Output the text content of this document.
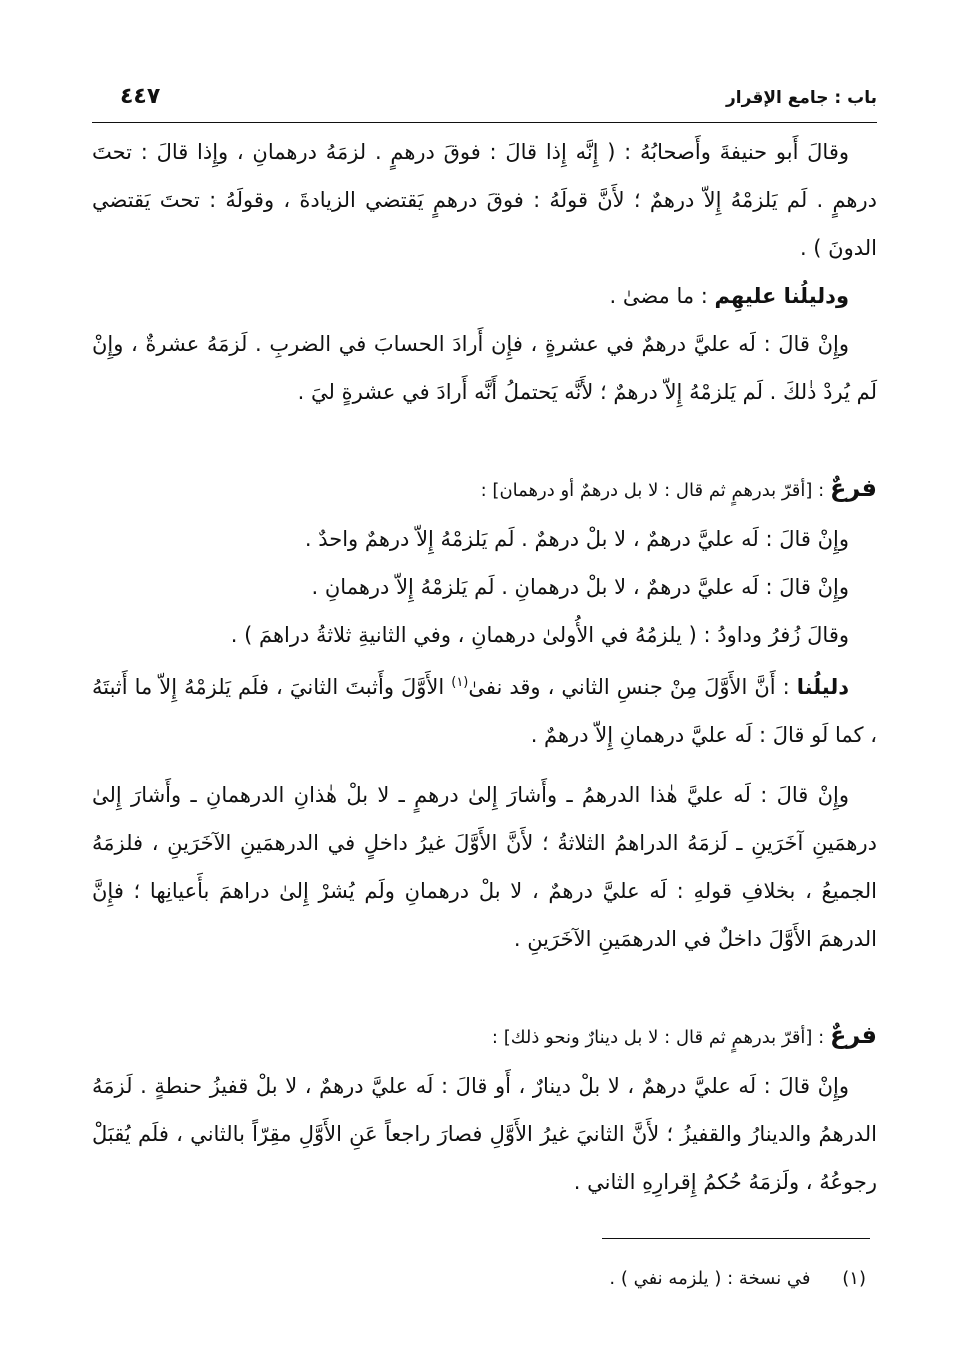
باب : جامع الإقرار
٤٤٧

وقالَ أَبو حنيفةَ وأَصحابُهُ : ( إِنَّه إِذا قالَ : فوقَ درهمٍ . لزمَهُ درهمانِ ، وإِذا قالَ : تحتَ درهمٍ . لَم يَلزمْهُ إِلاّ درهمٌ ؛ لأَنَّ قولَهُ : فوقَ درهمٍ يَقتضي الزيادةَ ، وقولَهُ : تحتَ يَقتضي الدونَ ) .

ودليلُنا عليهِم : ما مضىٰ .

وإِنْ قالَ : لَه عليَّ درهمٌ في عشرةٍ ، فإِن أَرادَ الحسابَ في الضربِ . لَزمَهُ عشرةٌ ، وإِنْ لَم يُردْ ذٰلكَ . لَم يَلزمْهُ إِلاّ درهمٌ ؛ لأَنَّه يَحتملُ أَنَّه أَرادَ في عشرةٍ ليَ .

فرعٌ : [أقرّ بدرهمٍ ثم قال : لا بل درهمٌ أو درهمان] :

وإِنْ قالَ : لَه عليَّ درهمٌ ، لا بلْ درهمٌ . لَم يَلزمْهُ إِلاّ درهمٌ واحدٌ .

وإِنْ قالَ : لَه عليَّ درهمٌ ، لا بلْ درهمانِ . لَم يَلزمْهُ إِلاّ درهمانِ .

وقالَ زُفرُ وداودُ : ( يلزمُهُ في الأُولىٰ درهمانِ ، وفي الثانيةِ ثلاثةُ دراهمَ ) .

دليلُنا : أَنَّ الأَوَّلَ مِنْ جنسِ الثاني ، وقد نفىٰ$^{(١)}$ الأَوَّلَ وأَثبتَ الثانيَ ، فلَم يَلزمْهُ إِلاّ ما أَثبتَهُ ، كما لَو قالَ : لَه عليَّ درهمانِ إِلاّ درهمٌ .

وإِنْ قالَ : لَه عليَّ هٰذا الدرهمُ ـ وأَشارَ إِلىٰ درهمٍ ـ لا بلْ هٰذانِ الدرهمانِ ـ وأَشارَ إِلىٰ درهمَينِ آخَرَينِ ـ لَزمَهُ الدراهمُ الثلاثةُ ؛ لأَنَّ الأَوَّلَ غيرُ داخلٍ في الدرهمَينِ الآخَرَينِ ، فلزمَهُ الجميعُ ، بخلافِ قولهِ : لَه عليَّ درهمٌ ، لا بلْ درهمانِ ولَم يُشرْ إِلىٰ دراهمَ بأَعيانِها ؛ فإِنَّ الدرهمَ الأَوَّلَ داخلٌ في الدرهمَينِ الآخَرَينِ .

فرعٌ : [أقرّ بدرهمٍ ثم قال : لا بل دينارٌ ونحو ذلك] :

وإِنْ قالَ : لَه عليَّ درهمٌ ، لا بلْ دينارٌ ، أَو قالَ : لَه عليَّ درهمٌ ، لا بلْ قفيزُ حنطةٍ . لَزمَهُ الدرهمُ والدينارُ والقفيزُ ؛ لأَنَّ الثانيَ غيرُ الأَوَّلِ فصارَ راجعاً عَنِ الأَوَّلِ مقِرّاً بالثاني ، فلَم يُقبَلْ رجوعُهُ ، ولَزمَهُ حُكمُ إِقرارِهِ الثاني .

(١) في نسخة : ( يلزمه نفي ) .
